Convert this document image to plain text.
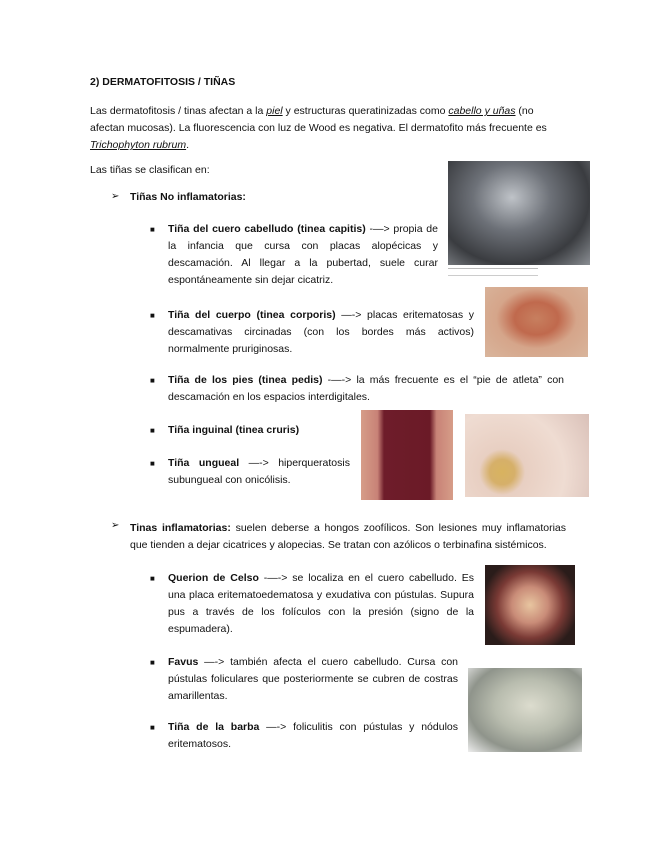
2) DERMATOFITOSIS / TIÑAS
Las dermatofitosis / tinas afectan a la piel y estructuras queratinizadas como cabello y uñas (no afectan mucosas). La fluorescencia con luz de Wood es negativa. El dermatofito más frecuente es Trichophyton rubrum.
Las tiñas se clasifican en:
➢ Tiñas No inflamatorias:
■ Tiña del cuero cabelludo (tinea capitis) -—> propia de la infancia que cursa con placas alopécicas y descamación. Al llegar a la pubertad, suele curar espontáneamente sin dejar cicatriz.
■ Tiña del cuerpo (tinea corporis) —-> placas eritematosas y descamativas circinadas (con los bordes más activos) normalmente pruriginosas.
■ Tiña de los pies (tinea pedis) -—-> la más frecuente es el “pie de atleta” con descamación en los espacios interdigitales.
■ Tiña inguinal (tinea cruris)
■ Tiña ungueal —-> hiperqueratosis subungueal con onicólisis.
➢ Tinas inflamatorias: suelen deberse a hongos zoofílicos. Son lesiones muy inflamatorias que tienden a dejar cicatrices y alopecias. Se tratan con azólicos o terbinafina sistémicos.
■ Querion de Celso -—-> se localiza en el cuero cabelludo. Es una placa eritematoedematosa y exudativa con pústulas. Supura pus a través de los folículos con la presión (signo de la espumadera).
■ Favus —-> también afecta el cuero cabelludo. Cursa con pústulas foliculares que posteriormente se cubren de costras amarillentas.
■ Tiña de la barba —-> foliculitis con pústulas y nódulos eritematosos.
